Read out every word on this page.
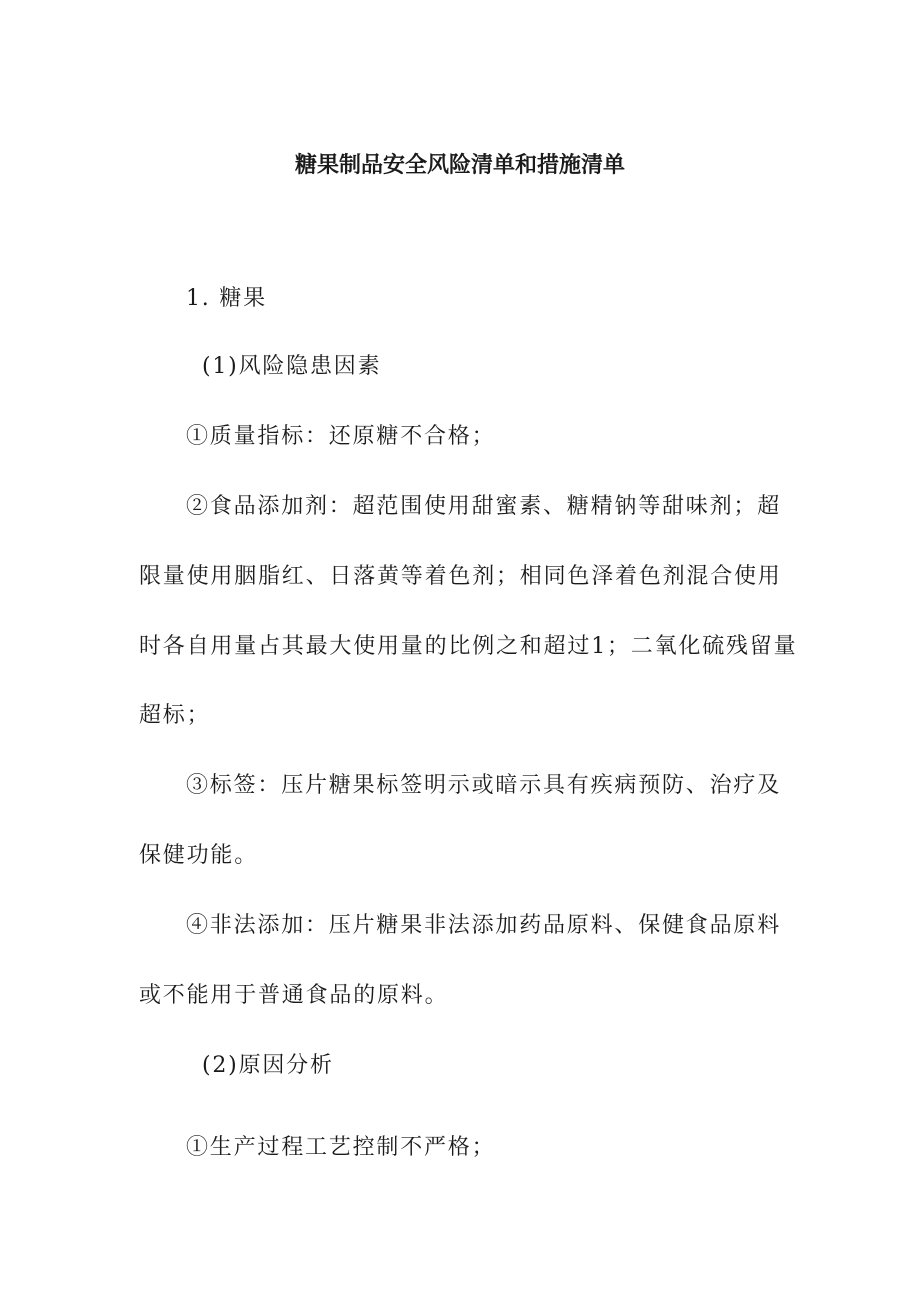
糖果制品安全风险清单和措施清单
1. 糖果
(1)风险隐患因素
①质量指标：还原糖不合格；
②食品添加剂：超范围使用甜蜜素、糖精钠等甜味剂；超
限量使用胭脂红、日落黄等着色剂；相同色泽着色剂混合使用
时各自用量占其最大使用量的比例之和超过1；二氧化硫残留量
超标；
③标签：压片糖果标签明示或暗示具有疾病预防、治疗及
保健功能。
④非法添加：压片糖果非法添加药品原料、保健食品原料
或不能用于普通食品的原料。
(2)原因分析
①生产过程工艺控制不严格；
